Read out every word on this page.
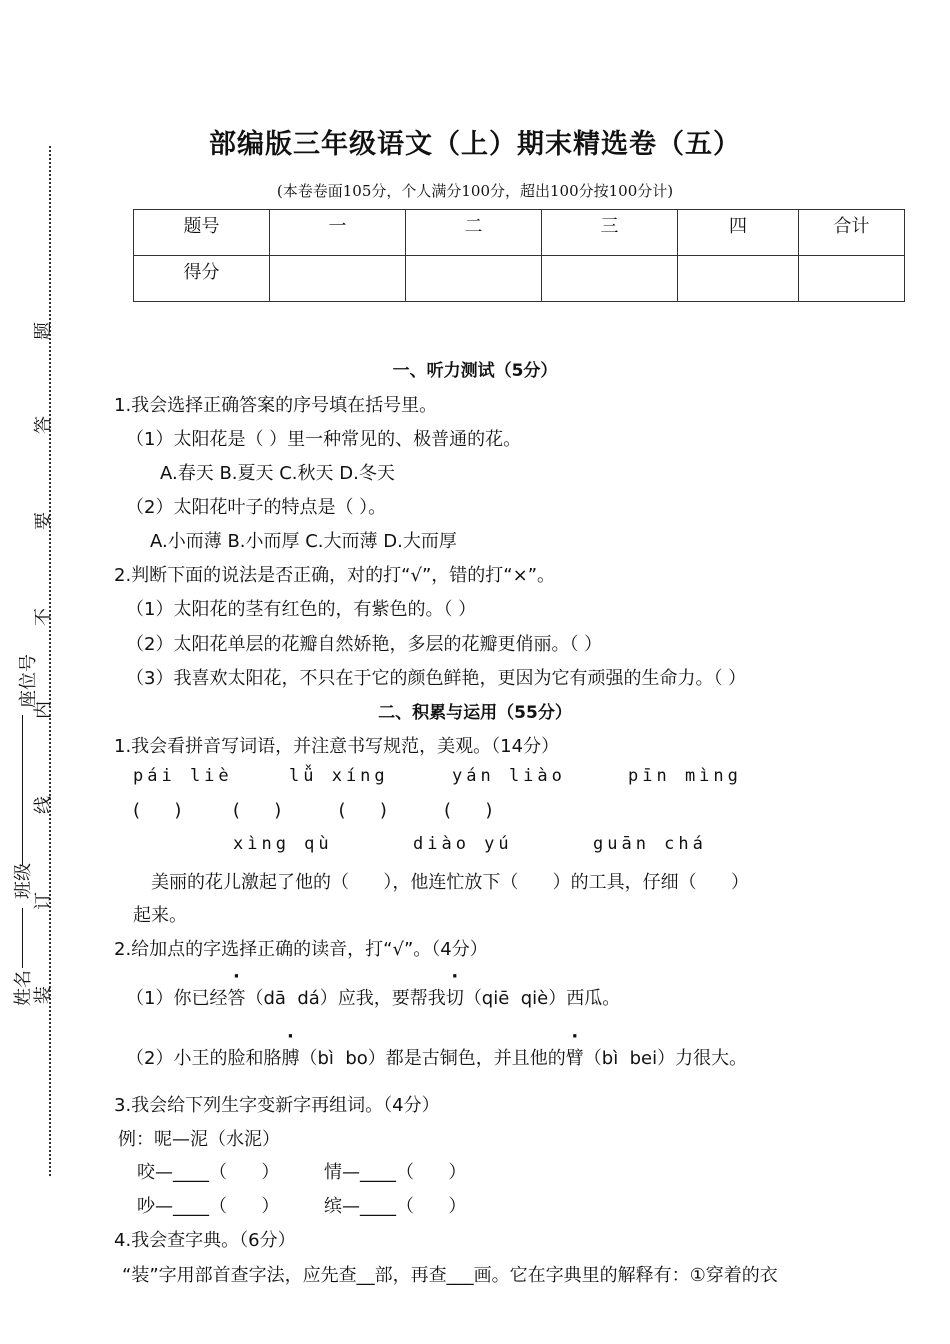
题
答
要
不
内
线
订
装
座位号
班级
姓名
部编版三年级语文（上）期末精选卷（五）
(本卷卷面105分，个人满分100分，超出100分按100分计)
题号	一	二	三	四	合计
得分					
一、听力测试（5分）
1.我会选择正确答案的序号填在括号里。
（1）太阳花是（ ）里一种常见的、极普通的花。
A.春天 B.夏天 C.秋天 D.冬天
（2）太阳花叶子的特点是（ ）。
A.小而薄 B.小而厚 C.大而薄 D.大而厚
2.判断下面的说法是否正确，对的打“√”，错的打“×”。
（1）太阳花的茎有红色的，有紫色的。（ ）
（2）太阳花单层的花瓣自然娇艳，多层的花瓣更俏丽。（ ）
（3）我喜欢太阳花，不只在于它的颜色鲜艳，更因为它有顽强的生命力。（ ）
二、积累与运用（55分）
1.我会看拼音写词语，并注意书写规范，美观。（14分）
pái liè	lǚ xíng	yán liào	pīn mìng
(      )         (      )          (      )          (      )
xìng qù	diào yú	guān chá
美丽的花儿激起了他的（      ），他连忙放下（      ）的工具，仔细（      ）
起来。
2.给加点的字选择正确的读音，打“√”。（4分）
（1）你已经答（dā  dá）应我，要帮我切（qiē  qiè）西瓜。
（2）小王的脸和胳膊（bì  bo）都是古铜色，并且他的臂（bì  bei）力很大。
3.我会给下列生字变新字再组词。（4分）
例：呢—泥（水泥）
咬—____（      ） 情—____（      ）
吵—____（      ） 缤—____（      ）
4.我会查字典。（6分）
“装”字用部首查字法，应先查__部，再查___画。它在字典里的解释有：①穿着的衣
